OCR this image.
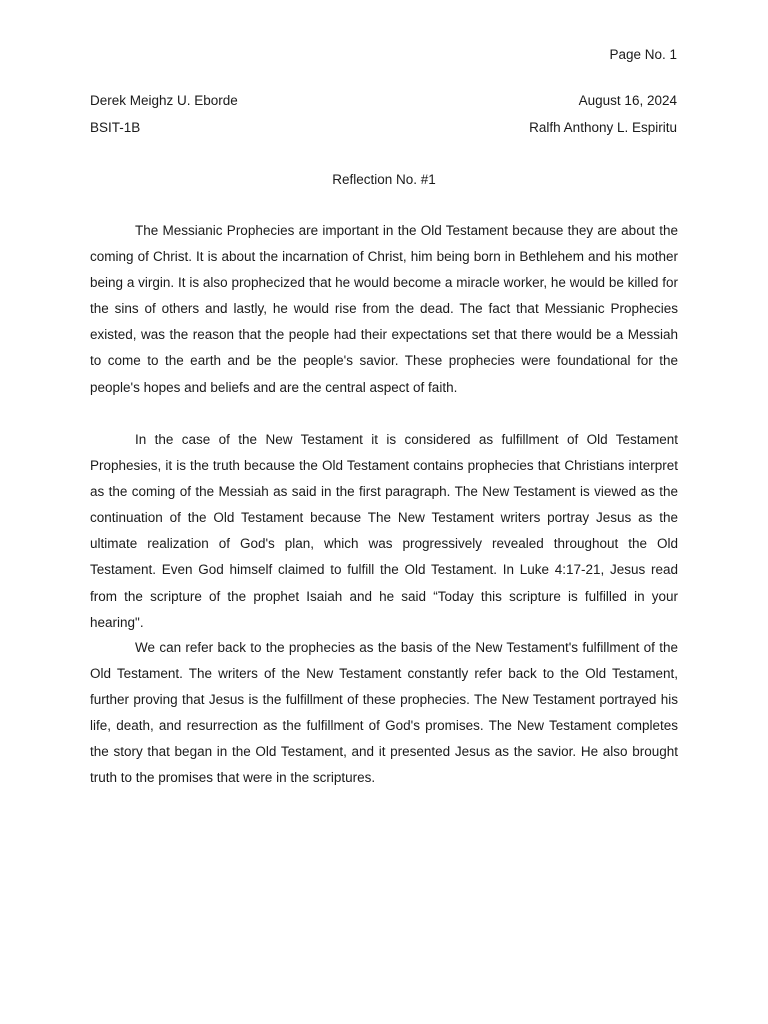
Page No. 1
Derek Meighz U. Eborde	August 16, 2024
BSIT-1B	Ralfh Anthony L. Espiritu
Reflection No. #1

The Messianic Prophecies are important in the Old Testament because they are about the coming of Christ. It is about the incarnation of Christ, him being born in Bethlehem and his mother being a virgin. It is also prophecized that he would become a miracle worker, he would be killed for the sins of others and lastly, he would rise from the dead. The fact that Messianic Prophecies existed, was the reason that the people had their expectations set that there would be a Messiah to come to the earth and be the people's savior. These prophecies were foundational for the people's hopes and beliefs and are the central aspect of faith.

In the case of the New Testament it is considered as fulfillment of Old Testament Prophesies, it is the truth because the Old Testament contains prophecies that Christians interpret as the coming of the Messiah as said in the first paragraph. The New Testament is viewed as the continuation of the Old Testament because The New Testament writers portray Jesus as the ultimate realization of God's plan, which was progressively revealed throughout the Old Testament. Even God himself claimed to fulfill the Old Testament. In Luke 4:17-21, Jesus read from the scripture of the prophet Isaiah and he said “Today this scripture is fulfilled in your hearing".

We can refer back to the prophecies as the basis of the New Testament's fulfillment of the Old Testament. The writers of the New Testament constantly refer back to the Old Testament, further proving that Jesus is the fulfillment of these prophecies. The New Testament portrayed his life, death, and resurrection as the fulfillment of God's promises. The New Testament completes the story that began in the Old Testament, and it presented Jesus as the savior. He also brought truth to the promises that were in the scriptures.
